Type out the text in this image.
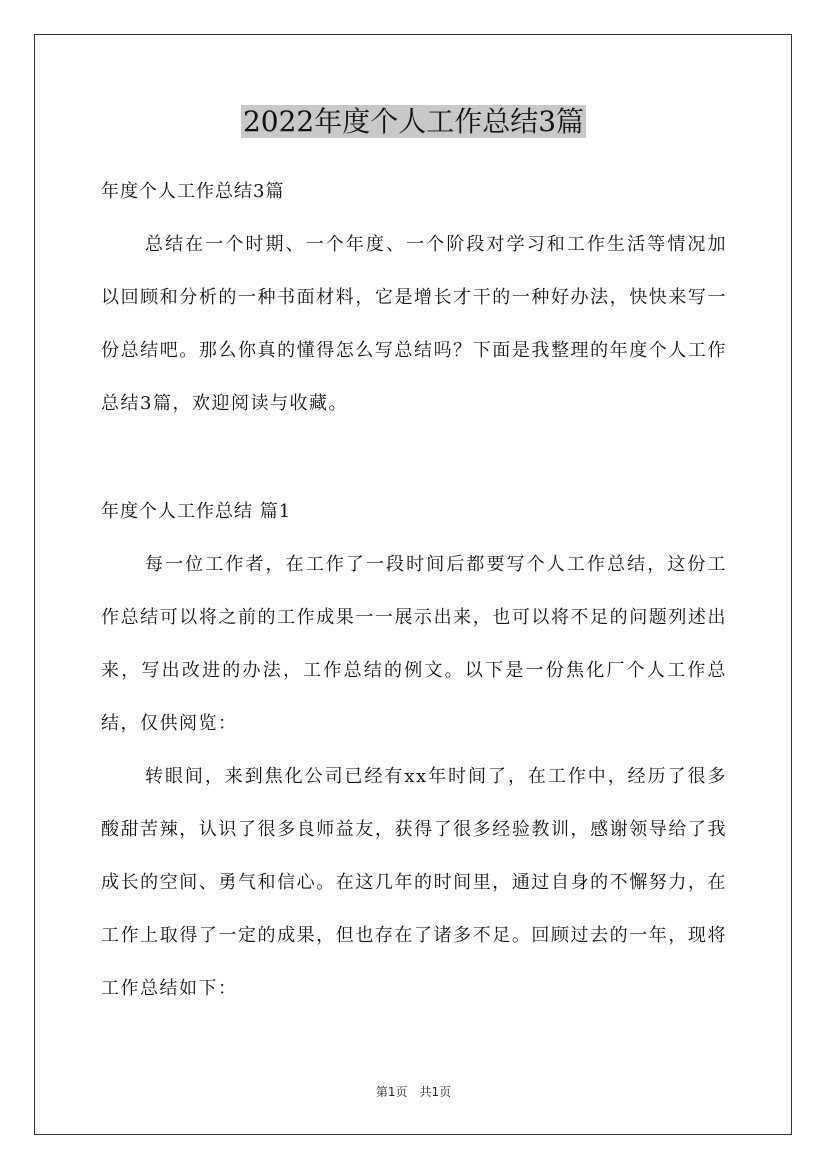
2022年度个人工作总结3篇
年度个人工作总结3篇

总结在一个时期、一个年度、一个阶段对学习和工作生活等情况加以回顾和分析的一种书面材料，它是增长才干的一种好办法，快快来写一份总结吧。那么你真的懂得怎么写总结吗？下面是我整理的年度个人工作总结3篇，欢迎阅读与收藏。

年度个人工作总结 篇1

每一位工作者，在工作了一段时间后都要写个人工作总结，这份工作总结可以将之前的工作成果一一展示出来，也可以将不足的问题列述出来，写出改进的办法，工作总结的例文。以下是一份焦化厂个人工作总结，仅供阅览：

转眼间，来到焦化公司已经有xx年时间了，在工作中，经历了很多酸甜苦辣，认识了很多良师益友，获得了很多经验教训，感谢领导给了我成长的空间、勇气和信心。在这几年的时间里，通过自身的不懈努力，在工作上取得了一定的成果，但也存在了诸多不足。回顾过去的一年，现将工作总结如下：

第1页　共1页
